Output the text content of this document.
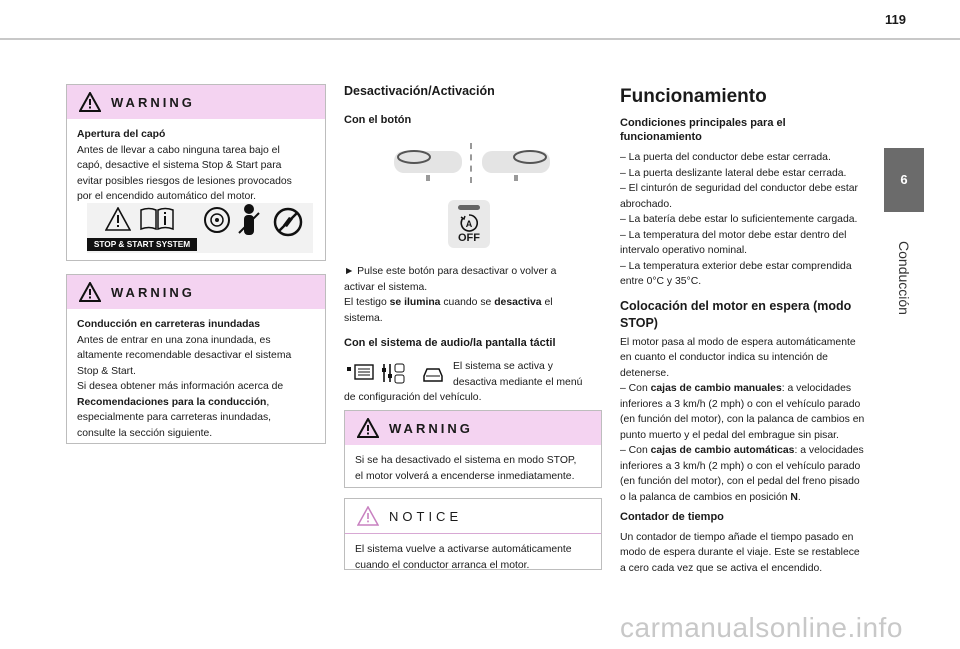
119
6
Conducción
WARNING

Apertura del capó

Antes de llevar a cabo ninguna tarea bajo el

capó, desactive el sistema Stop & Start para

evitar posibles riesgos de lesiones provocados

por el encendido automático del motor.

STOP & START SYSTEM
WARNING

Conducción en carreteras inundadas

Antes de entrar en una zona inundada, es

altamente recomendable desactivar el sistema

Stop & Start.

Si desea obtener más información acerca de

Recomendaciones para la conducción,

especialmente para carreteras inundadas,

consulte la sección siguiente.

Desactivación/Activación
Con el botón
A
OFF

► Pulse este botón para desactivar o volver a

activar el sistema.

El testigo se ilumina cuando se desactiva el

sistema.

Con el sistema de audio/la pantalla táctil

El sistema se activa y

desactiva mediante el menú

de configuración del vehículo.

WARNING

Si se ha desactivado el sistema en modo STOP,

el motor volverá a encenderse inmediatamente.

NOTICE

El sistema vuelve a activarse automáticamente

cuando el conductor arranca el motor.

Funcionamiento
Condiciones principales para el
funcionamiento

– La puerta del conductor debe estar cerrada.

– La puerta deslizante lateral debe estar cerrada.

– El cinturón de seguridad del conductor debe estar

abrochado.

– La batería debe estar lo suficientemente cargada.

– La temperatura del motor debe estar dentro del

intervalo operativo nominal.

– La temperatura exterior debe estar comprendida

entre 0°C y 35°C.

Colocación del motor en espera (modo
STOP)

El motor pasa al modo de espera automáticamente

en cuanto el conductor indica su intención de

detenerse.

– Con cajas de cambio manuales: a velocidades

inferiores a 3 km/h (2 mph) o con el vehículo parado

(en función del motor), con la palanca de cambios en

punto muerto y el pedal del embrague sin pisar.

– Con cajas de cambio automáticas: a velocidades

inferiores a 3 km/h (2 mph) o con el vehículo parado

(en función del motor), con el pedal del freno pisado

o la palanca de cambios en posición N.

Contador de tiempo

Un contador de tiempo añade el tiempo pasado en

modo de espera durante el viaje. Este se restablece

a cero cada vez que se activa el encendido.

carmanualsonline.info
